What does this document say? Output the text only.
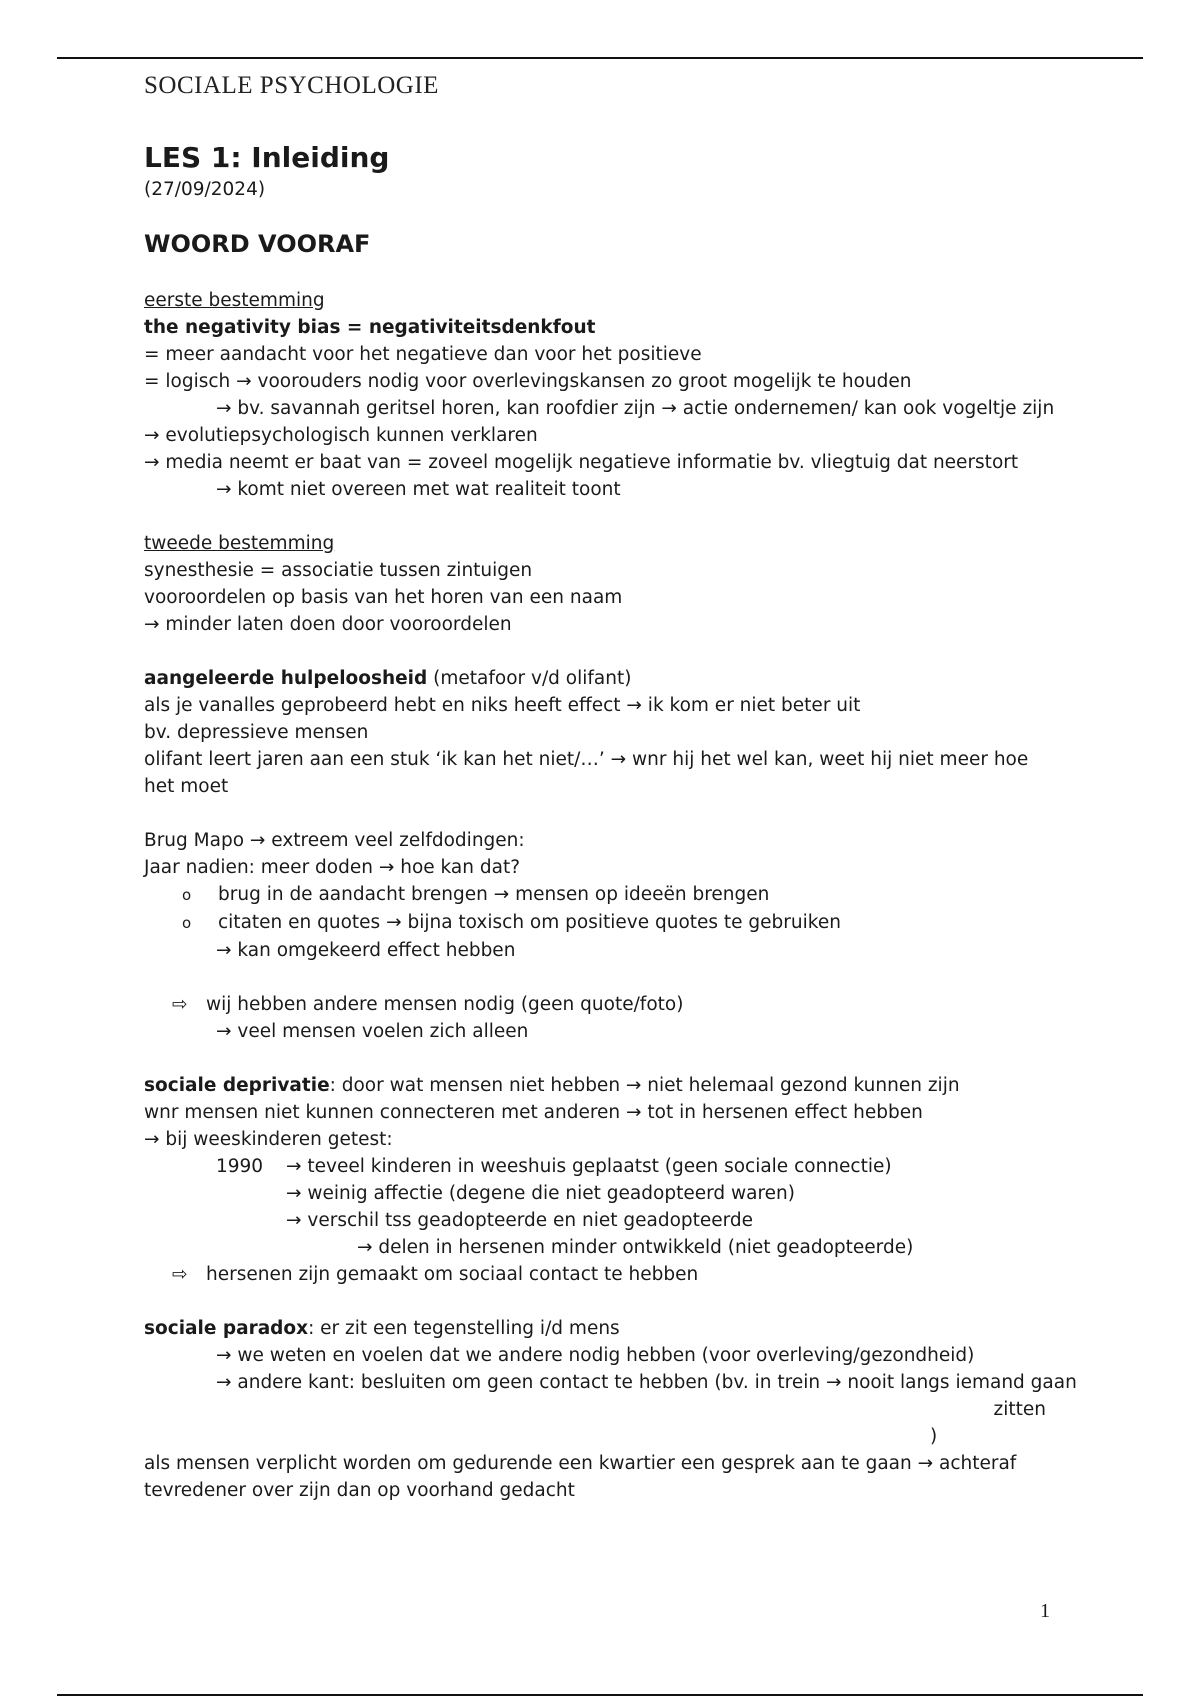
SOCIALE PSYCHOLOGIE
LES 1: Inleiding
(27/09/2024)
WOORD VOORAF
eerste bestemming
the negativity bias = negativiteitsdenkfout
= meer aandacht voor het negatieve dan voor het positieve
= logisch → voorouders nodig voor overlevingskansen zo groot mogelijk te houden
→ bv. savannah geritsel horen, kan roofdier zijn → actie ondernemen/ kan ook vogeltje zijn
→ evolutiepsychologisch kunnen verklaren
→ media neemt er baat van = zoveel mogelijk negatieve informatie bv. vliegtuig dat neerstort
→ komt niet overeen met wat realiteit toont
tweede bestemming
synesthesie = associatie tussen zintuigen
vooroordelen op basis van het horen van een naam
→ minder laten doen door vooroordelen
aangeleerde hulpeloosheid (metafoor v/d olifant)
als je vanalles geprobeerd hebt en niks heeft effect → ik kom er niet beter uit
bv. depressieve mensen
olifant leert jaren aan een stuk ‘ik kan het niet/…’ → wnr hij het wel kan, weet hij niet meer hoe het moet
Brug Mapo → extreem veel zelfdodingen:
Jaar nadien: meer doden → hoe kan dat?
o brug in de aandacht brengen → mensen op ideeën brengen
o citaten en quotes → bijna toxisch om positieve quotes te gebruiken
→ kan omgekeerd effect hebben
⇨ wij hebben andere mensen nodig (geen quote/foto)
→ veel mensen voelen zich alleen
sociale deprivatie: door wat mensen niet hebben → niet helemaal gezond kunnen zijn
wnr mensen niet kunnen connecteren met anderen → tot in hersenen effect hebben
→ bij weeskinderen getest:
1990 → teveel kinderen in weeshuis geplaatst (geen sociale connectie)
→ weinig affectie (degene die niet geadopteerd waren)
→ verschil tss geadopteerde en niet geadopteerde
→ delen in hersenen minder ontwikkeld (niet geadopteerde)
⇨ hersenen zijn gemaakt om sociaal contact te hebben
sociale paradox: er zit een tegenstelling i/d mens
→ we weten en voelen dat we andere nodig hebben (voor overleving/gezondheid)
→ andere kant: besluiten om geen contact te hebben (bv. in trein → nooit langs iemand gaan
zitten
)
als mensen verplicht worden om gedurende een kwartier een gesprek aan te gaan → achteraf tevredener over zijn dan op voorhand gedacht
1
